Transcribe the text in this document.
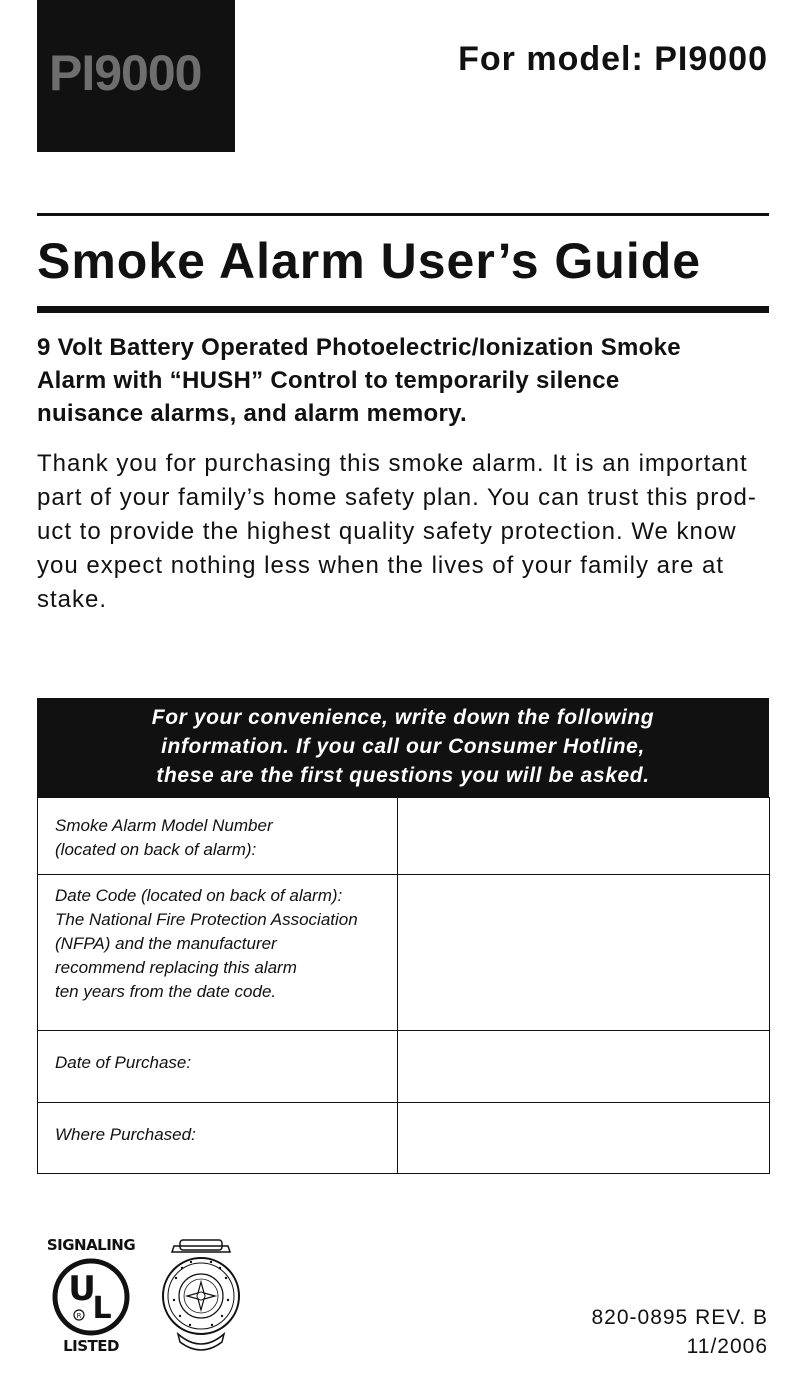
PI9000	For model: PI9000
Smoke Alarm User’s Guide
9 Volt Battery Operated Photoelectric/Ionization Smoke
Alarm with “HUSH” Control to temporarily silence
nuisance alarms, and alarm memory.
Thank you for purchasing this smoke alarm. It is an important
part of your family’s home safety plan. You can trust this prod-
uct to provide the highest quality safety protection. We know
you expect nothing less when the lives of your family are at
stake.
For your convenience, write down the following
information. If you call our Consumer Hotline,
these are the first questions you will be asked.
Smoke Alarm Model Number
(located on back of alarm):	

Date Code (located on back of alarm):
The National Fire Protection Association
(NFPA) and the manufacturer
recommend replacing this alarm
ten years from the date code.	

Date of Purchase:	

Where Purchased:	

SIGNALING
U
L
R
LISTED
820-0895 REV. B
11/2006
